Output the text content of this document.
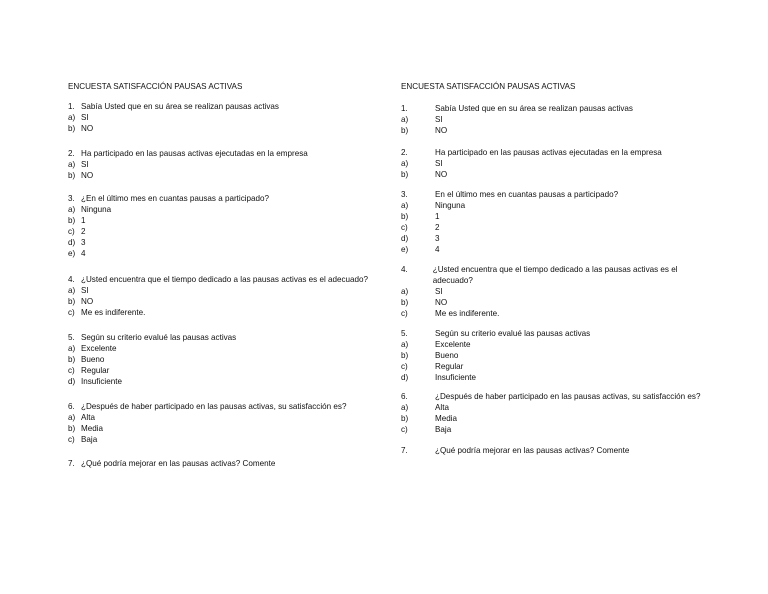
ENCUESTA SATISFACCIÓN PAUSAS ACTIVAS
1. Sabía Usted que en su área se realizan pausas activas
a) SI
b) NO
2. Ha participado en las pausas activas ejecutadas en la empresa
a) SI
b) NO
3. ¿En el último mes en cuantas pausas a participado?
a) Ninguna
b) 1
c) 2
d) 3
e) 4
4. ¿Usted encuentra que el tiempo dedicado a las pausas activas es el adecuado?
a) SI
b) NO
c) Me es indiferente.
5. Según su criterio evalué las pausas activas
a) Excelente
b) Bueno
c) Regular
d) Insuficiente
6. ¿Después de haber participado en las pausas activas, su satisfacción es?
a) Alta
b) Media
c) Baja
7. ¿Qué podría mejorar en las pausas activas? Comente
ENCUESTA SATISFACCIÓN PAUSAS ACTIVAS
1.	Sabía Usted que en su área se realizan pausas activas
a)	SI
b)	NO
2.	Ha participado en las pausas activas ejecutadas en la empresa
a)	SI
b)	NO
3.	En el último mes en cuantas pausas a participado?
a)	Ninguna
b)	1
c)	2
d)	3
e)	4
4.	¿Usted encuentra que el tiempo dedicado a las pausas activas es el adecuado?
a)	SI
b)	NO
c)	Me es indiferente.
5.	Según su criterio evalué las pausas activas
a)	Excelente
b)	Bueno
c)	Regular
d)	Insuficiente
6.	¿Después de haber participado en las pausas activas, su satisfacción es?
a)	Alta
b)	Media
c)	Baja
7.	¿Qué podría mejorar en las pausas activas? Comente
